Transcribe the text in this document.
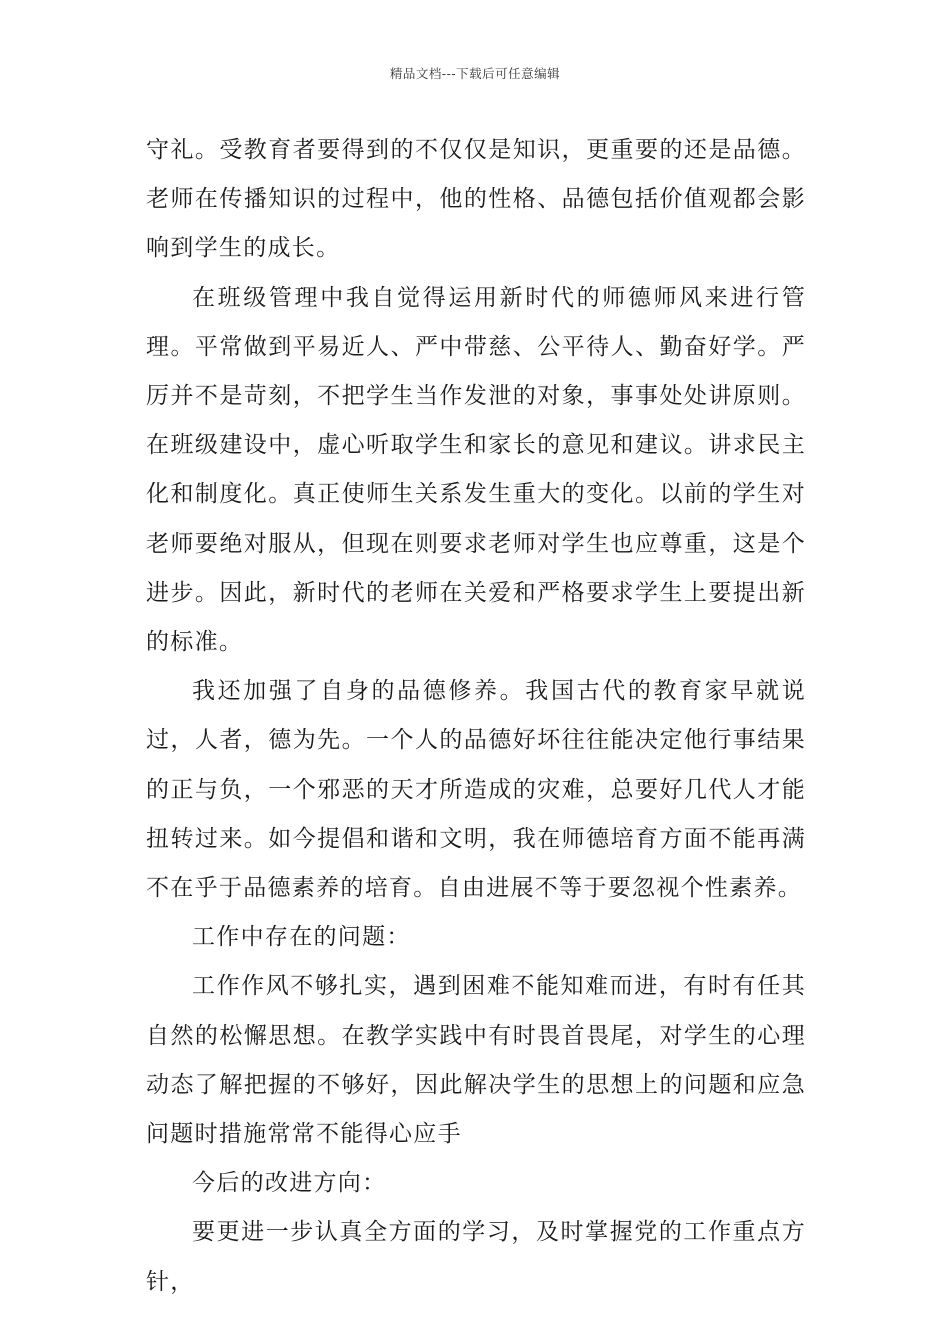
精品文档---下载后可任意编辑

守礼。受教育者要得到的不仅仅是知识，更重要的还是品德。老师在传播知识的过程中，他的性格、品德包括价值观都会影响到学生的成长。

在班级管理中我自觉得运用新时代的师德师风来进行管理。平常做到平易近人、严中带慈、公平待人、勤奋好学。严厉并不是苛刻，不把学生当作发泄的对象，事事处处讲原则。在班级建设中，虚心听取学生和家长的意见和建议。讲求民主化和制度化。真正使师生关系发生重大的变化。以前的学生对老师要绝对服从，但现在则要求老师对学生也应尊重，这是个进步。因此，新时代的老师在关爱和严格要求学生上要提出新的标准。

我还加强了自身的品德修养。我国古代的教育家早就说过，人者，德为先。一个人的品德好坏往往能决定他行事结果的正与负，一个邪恶的天才所造成的灾难，总要好几代人才能扭转过来。如今提倡和谐和文明，我在师德培育方面不能再满不在乎于品德素养的培育。自由进展不等于要忽视个性素养。

工作中存在的问题：

工作作风不够扎实，遇到困难不能知难而进，有时有任其自然的松懈思想。在教学实践中有时畏首畏尾，对学生的心理动态了解把握的不够好，因此解决学生的思想上的问题和应急问题时措施常常不能得心应手

今后的改进方向：

要更进一步认真全方面的学习，及时掌握党的工作重点方针，
